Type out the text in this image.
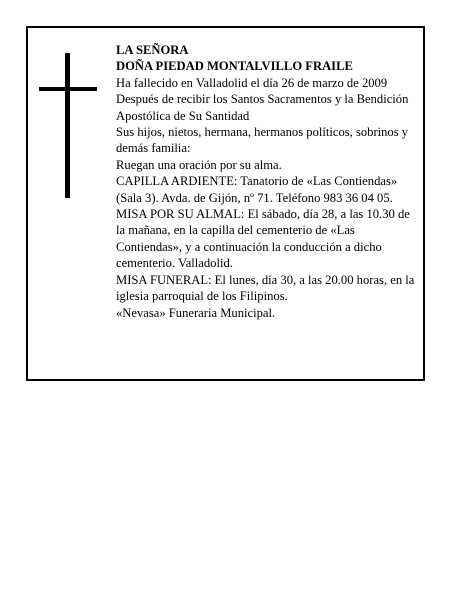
LA SEÑORA

DOÑA PIEDAD MONTALVILLO FRAILE

Ha fallecido en Valladolid el día 26 de marzo de 2009

Después de recibir los Santos Sacramentos y la Bendición Apostólica de Su Santidad

Sus hijos, nietos, hermana, hermanos políticos, sobrinos y demás familia:

Ruegan una oración por su alma.

CAPILLA ARDIENTE: Tanatorio de «Las Contiendas» (Sala 3). Avda. de Gijón, nº 71. Teléfono 983 36 04 05.

MISA POR SU ALMAL: El sábado, día 28, a las 10.30 de la mañana, en la capilla del cementerio de «Las Contiendas», y a continuación la conducción a dicho cementerio. Valladolid.

MISA FUNERAL: El lunes, día 30, a las 20.00 horas, en la iglesia parroquial de los Filipinos.

«Nevasa» Funeraria Municipal.
